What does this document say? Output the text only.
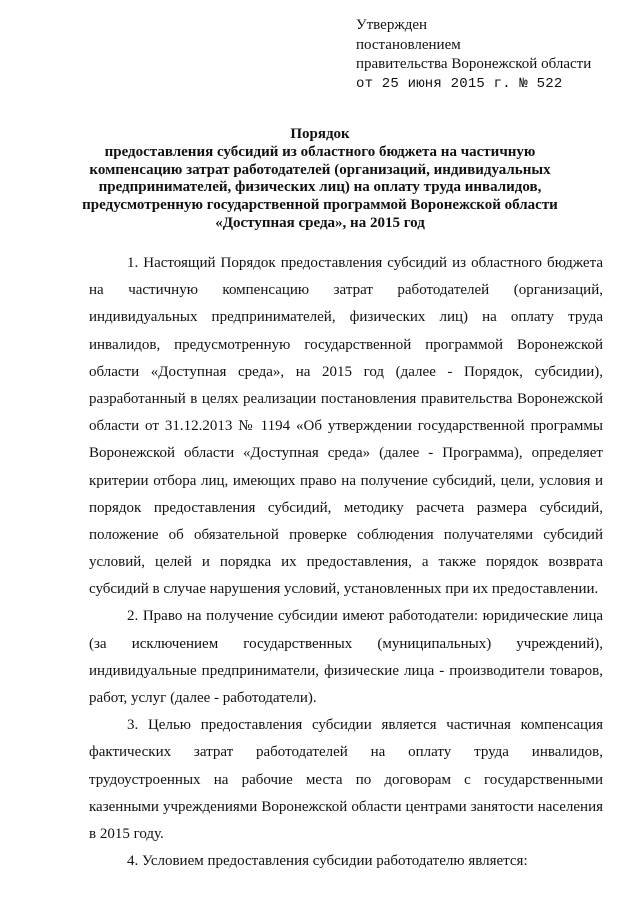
Утвержден
постановлением
правительства Воронежской области
от 25 июня 2015 г. № 522
Порядок
предоставления субсидий из областного бюджета на частичную
компенсацию затрат работодателей (организаций, индивидуальных
предпринимателей, физических лиц) на оплату труда инвалидов,
предусмотренную государственной программой Воронежской области
«Доступная среда», на 2015 год
1. Настоящий Порядок предоставления субсидий из областного бюджета
на частичную компенсацию затрат работодателей (организаций,
индивидуальных предпринимателей, физических лиц) на оплату труда
инвалидов, предусмотренную государственной программой Воронежской
области «Доступная среда», на 2015 год (далее - Порядок, субсидии),
разработанный в целях реализации постановления правительства Воронежской
области от 31.12.2013 № 1194 «Об утверждении государственной программы
Воронежской области «Доступная среда» (далее - Программа), определяет
критерии отбора лиц, имеющих право на получение субсидий, цели, условия и
порядок предоставления субсидий, методику расчета размера субсидий,
положение об обязательной проверке соблюдения получателями субсидий
условий, целей и порядка их предоставления, а также порядок возврата
субсидий в случае нарушения условий, установленных при их предоставлении.
2. Право на получение субсидии имеют работодатели: юридические лица
(за исключением государственных (муниципальных) учреждений),
индивидуальные предприниматели, физические лица - производители товаров,
работ, услуг (далее - работодатели).
3. Целью предоставления субсидии является частичная компенсация
фактических затрат работодателей на оплату труда инвалидов,
трудоустроенных на рабочие места по договорам с государственными
казенными учреждениями Воронежской области центрами занятости населения
в 2015 году.
4. Условием предоставления субсидии работодателю является:
